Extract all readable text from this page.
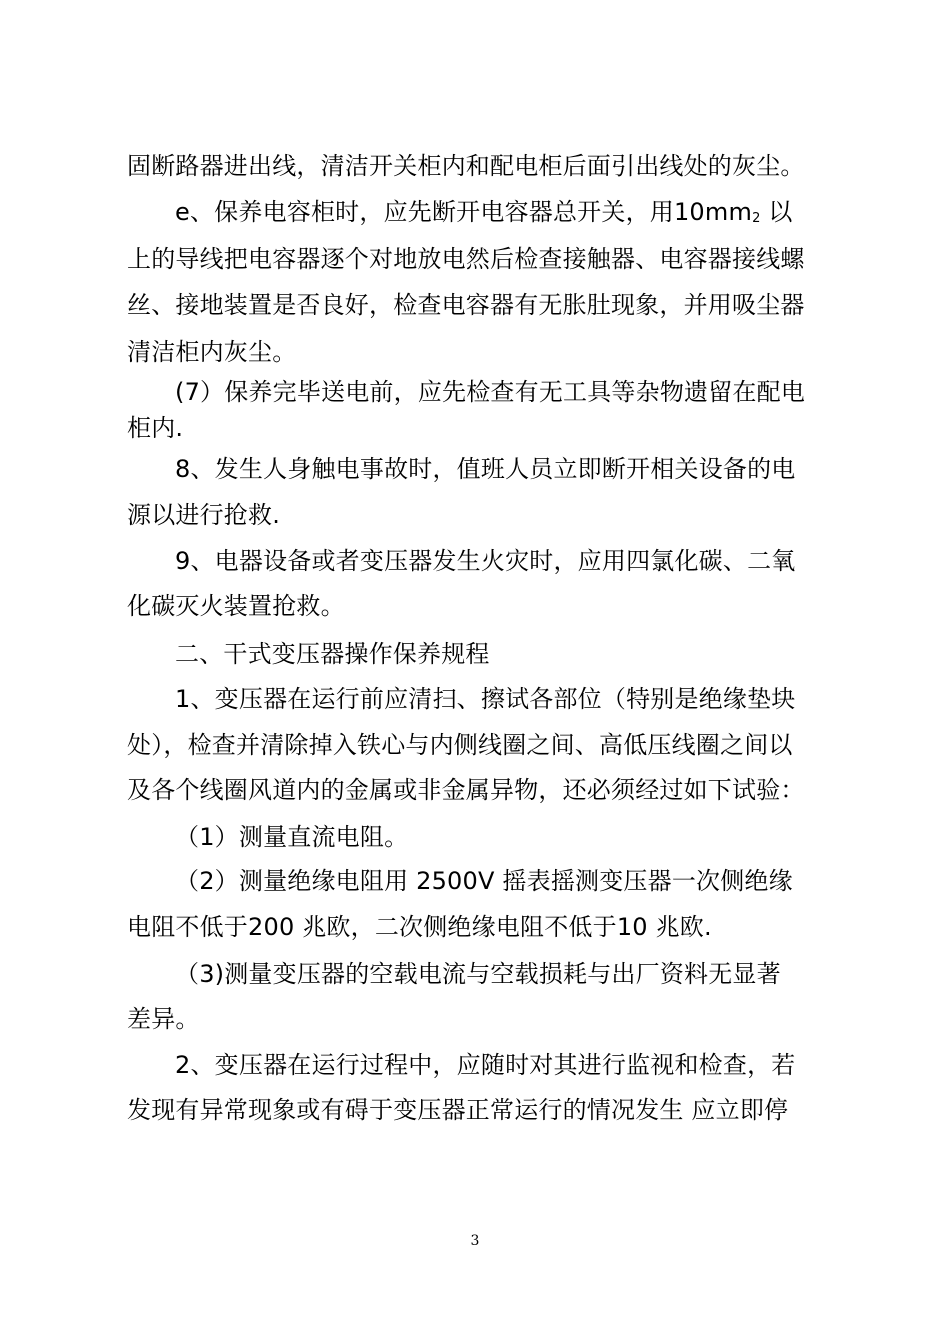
固断路器进出线，清洁开关柜内和配电柜后面引出线处的灰尘。
e、保养电容柜时，应先断开电容器总开关，用10mm2 以
上的导线把电容器逐个对地放电然后检查接触器、电容器接线螺
丝、接地装置是否良好，检查电容器有无胀肚现象，并用吸尘器
清洁柜内灰尘。
(7）保养完毕送电前，应先检查有无工具等杂物遗留在配电
柜内.
8、发生人身触电事故时，值班人员立即断开相关设备的电
源以进行抢救.
9、电器设备或者变压器发生火灾时，应用四氯化碳、二氧
化碳灭火装置抢救。
二、干式变压器操作保养规程
1、变压器在运行前应清扫、擦试各部位（特别是绝缘垫块
处），检查并清除掉入铁心与内侧线圈之间、高低压线圈之间以
及各个线圈风道内的金属或非金属异物，还必须经过如下试验：
（1）测量直流电阻。
（2）测量绝缘电阻用 2500V 摇表摇测变压器一次侧绝缘
电阻不低于200 兆欧，二次侧绝缘电阻不低于10 兆欧.
（3)测量变压器的空载电流与空载损耗与出厂资料无显著
差异。
2、变压器在运行过程中，应随时对其进行监视和检查，若
发现有异常现象或有碍于变压器正常运行的情况发生 应立即停
3
